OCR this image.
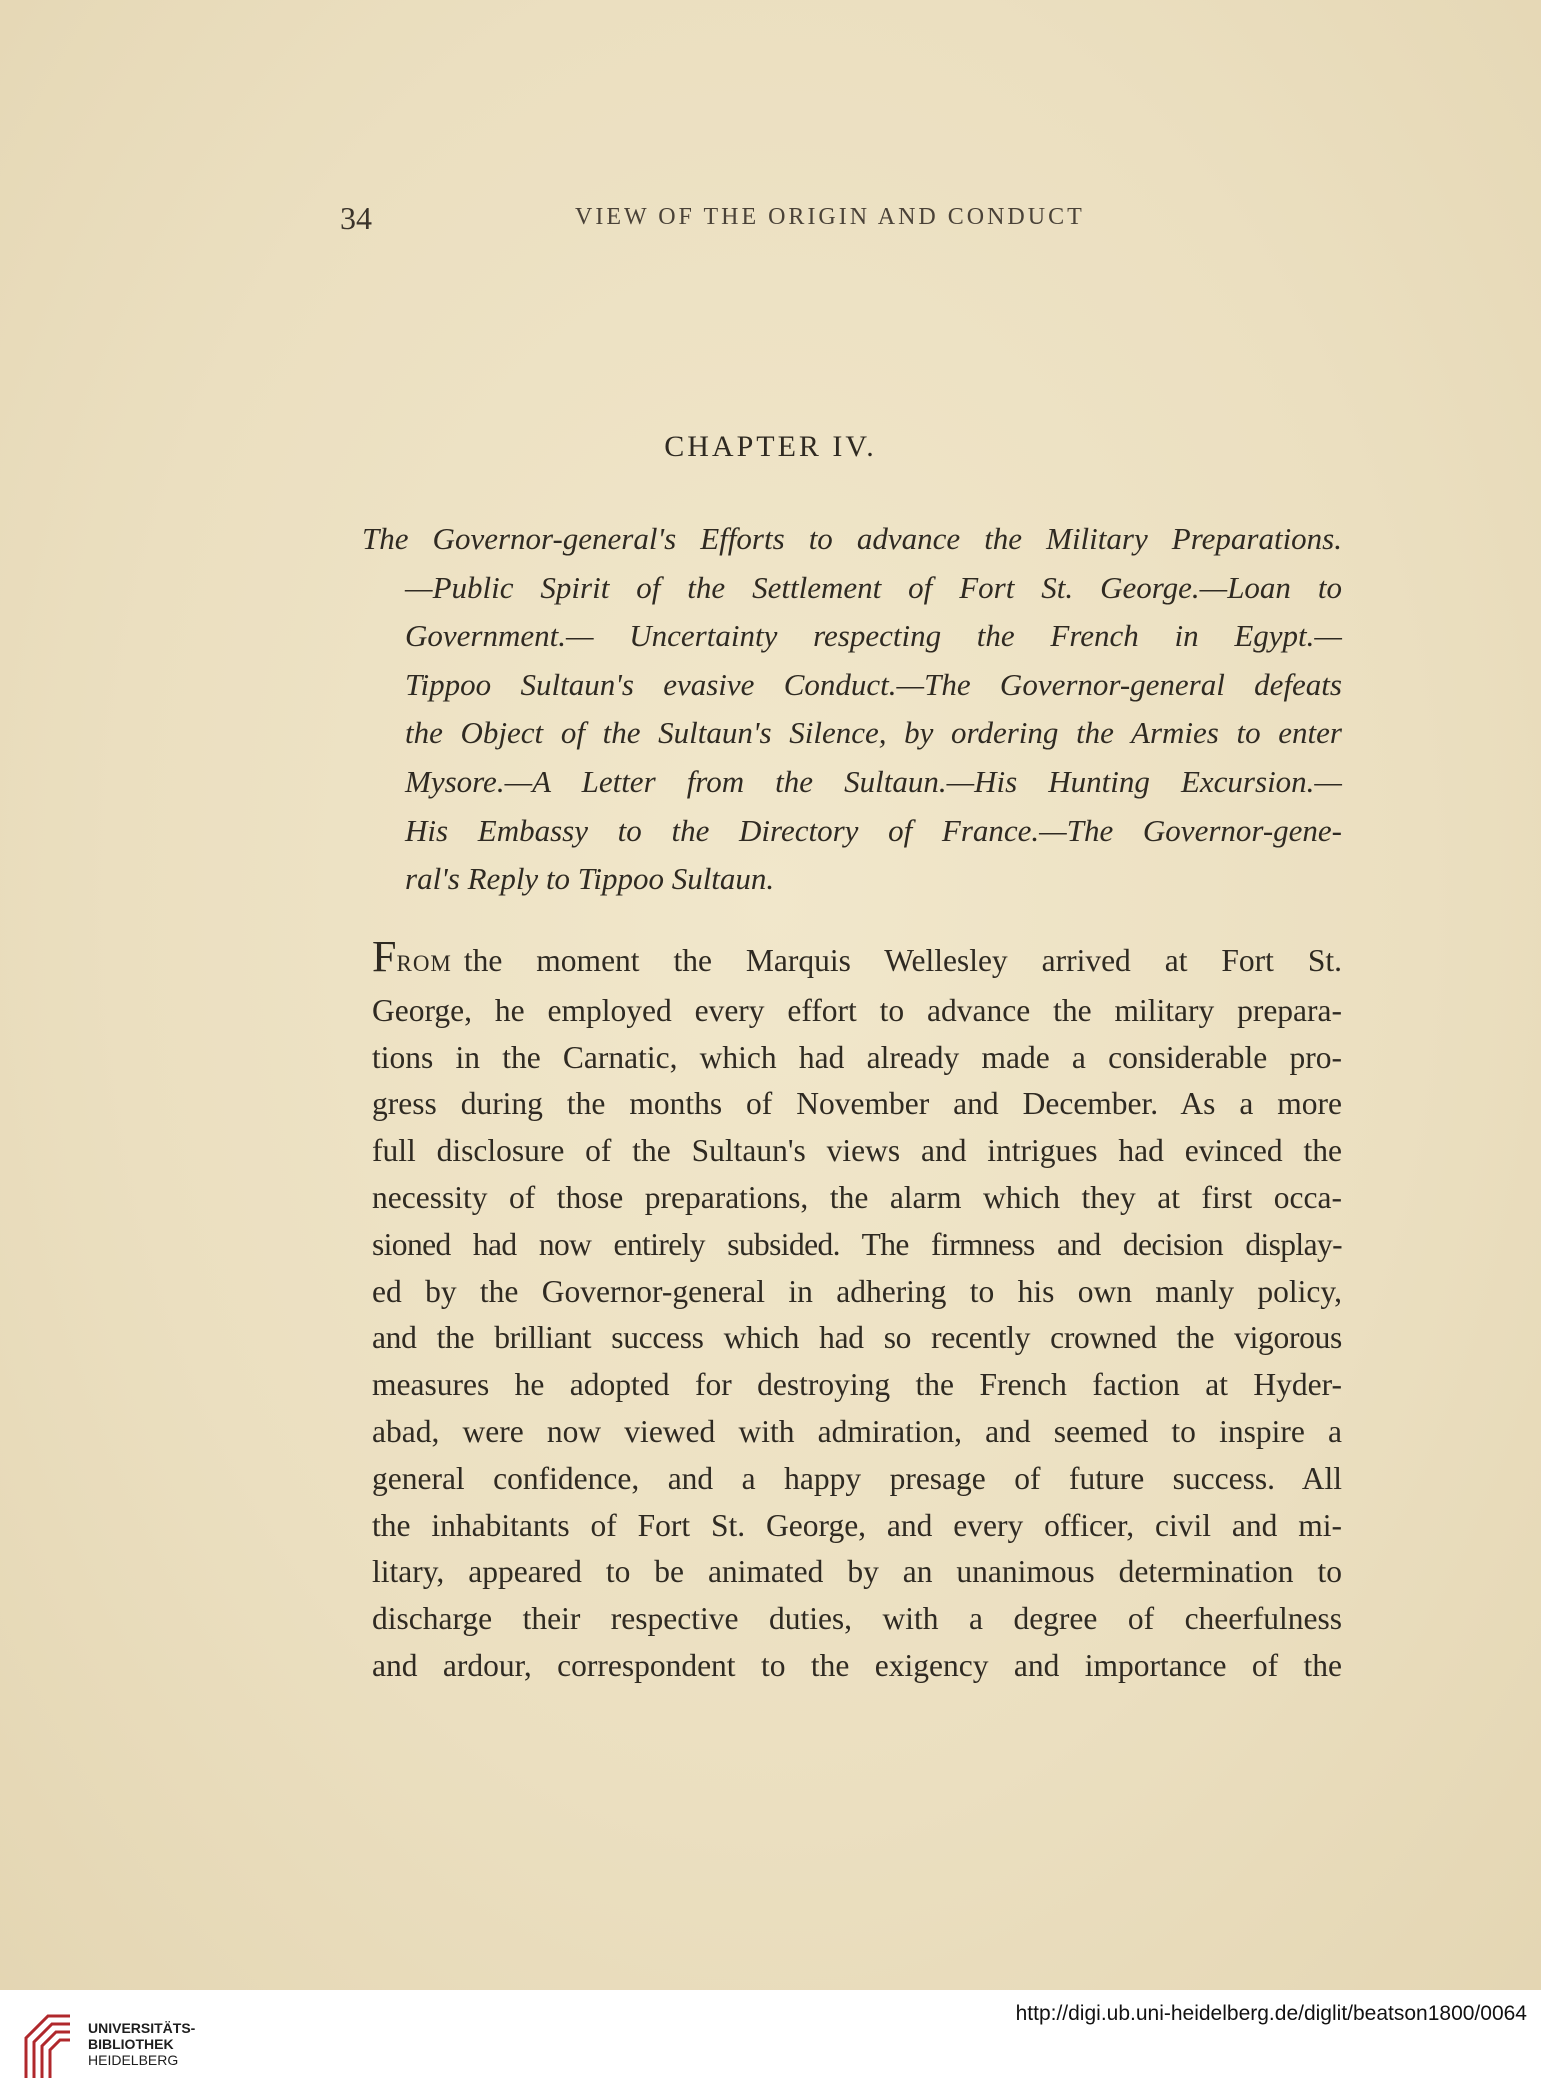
34	VIEW OF THE ORIGIN AND CONDUCT
CHAPTER IV.
The Governor-general's Efforts to advance the Military Preparations.
—Public Spirit of the Settlement of Fort St. George.—Loan to
Government.— Uncertainty respecting the French in Egypt.—
Tippoo Sultaun's evasive Conduct.—The Governor-general defeats
the Object of the Sultaun's Silence, by ordering the Armies to enter
Mysore.—A Letter from the Sultaun.—His Hunting Excursion.—
His Embassy to the Directory of France.—The Governor-gene-
ral's Reply to Tippoo Sultaun.
FROM the moment the Marquis Wellesley arrived at Fort St.
George, he employed every effort to advance the military prepara-
tions in the Carnatic, which had already made a considerable pro-
gress during the months of November and December. As a more
full disclosure of the Sultaun's views and intrigues had evinced the
necessity of those preparations, the alarm which they at first occa-
sioned had now entirely subsided. The firmness and decision display-
ed by the Governor-general in adhering to his own manly policy,
and the brilliant success which had so recently crowned the vigorous
measures he adopted for destroying the French faction at Hyder-
abad, were now viewed with admiration, and seemed to inspire a
general confidence, and a happy presage of future success. All
the inhabitants of Fort St. George, and every officer, civil and mi-
litary, appeared to be animated by an unanimous determination to
discharge their respective duties, with a degree of cheerfulness
and ardour, correspondent to the exigency and importance of the
UNIVERSITÄTS-
BIBLIOTHEK
HEIDELBERG
http://digi.ub.uni-heidelberg.de/diglit/beatson1800/0064
